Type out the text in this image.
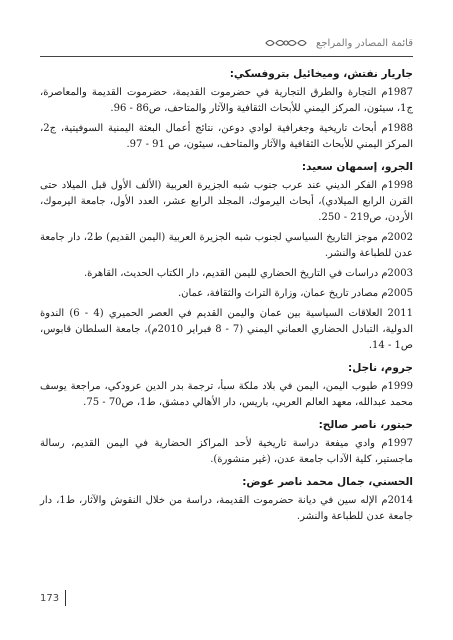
قائمة المصادر والمراجع

جاريار نفتش، وميخائيل بتروفسكي:

1987م التجارة والطرق التجارية في حضرموت القديمة، حضرموت القديمة والمعاصرة، ج1، سيئون، المركز اليمني للأبحاث الثقافية والآثار والمتاحف، ص86 - 96.

1988م أبحاث تاريخية وجغرافية لوادي دوعن، نتائج أعمال البعثة اليمنية السوفيتية، ج2، المركز اليمني للأبحاث الثقافية والآثار والمتاحف، سيئون، ص 91 - 97.

الجرو، إسمهان سعيد:

1998م الفكر الديني عند عرب جنوب شبه الجزيرة العربية (الألف الأول قبل الميلاد حتى القرن الرابع الميلادي)، أبحاث اليرموك، المجلد الرابع عشر، العدد الأول، جامعة اليرموك، الأردن، ص219 - 250.

2002م موجز التاريخ السياسي لجنوب شبه الجزيرة العربية (اليمن القديم) ط2، دار جامعة عدن للطباعة والنشر.

2003م دراسات في التاريخ الحضاري لليمن القديم، دار الكتاب الحديث، القاهرة.

2005م مصادر تاريخ عمان، وزارة التراث والثقافة، عمان.

2011 العلاقات السياسية بين عمان واليمن القديم في العصر الحميري (4 - 6) الندوة الدولية، التبادل الحضاري العماني اليمني (7 - 8 فبراير 2010م)، جامعة السلطان قابوس، ص1 - 14.

جروم، ناجل:

1999م طيوب اليمن، اليمن في بلاد ملكة سبأ، ترجمة بدر الدين عرودكي، مراجعة يوسف محمد عبدالله، معهد العالم العربي، باريس، دار الأهالي دمشق، ط1، ص70 - 75.

حبتور، ناصر صالح:

1997م وادي ميفعة دراسة تاريخية لأحد المراكز الحضارية في اليمن القديم، رسالة ماجستير، كلية الآداب جامعة عدن، (غير منشورة).

الحسني، جمال محمد ناصر عوض:

2014م الإله سين في ديانة حضرموت القديمة، دراسة من خلال النقوش والآثار، ط1، دار جامعة عدن للطباعة والنشر.

173
